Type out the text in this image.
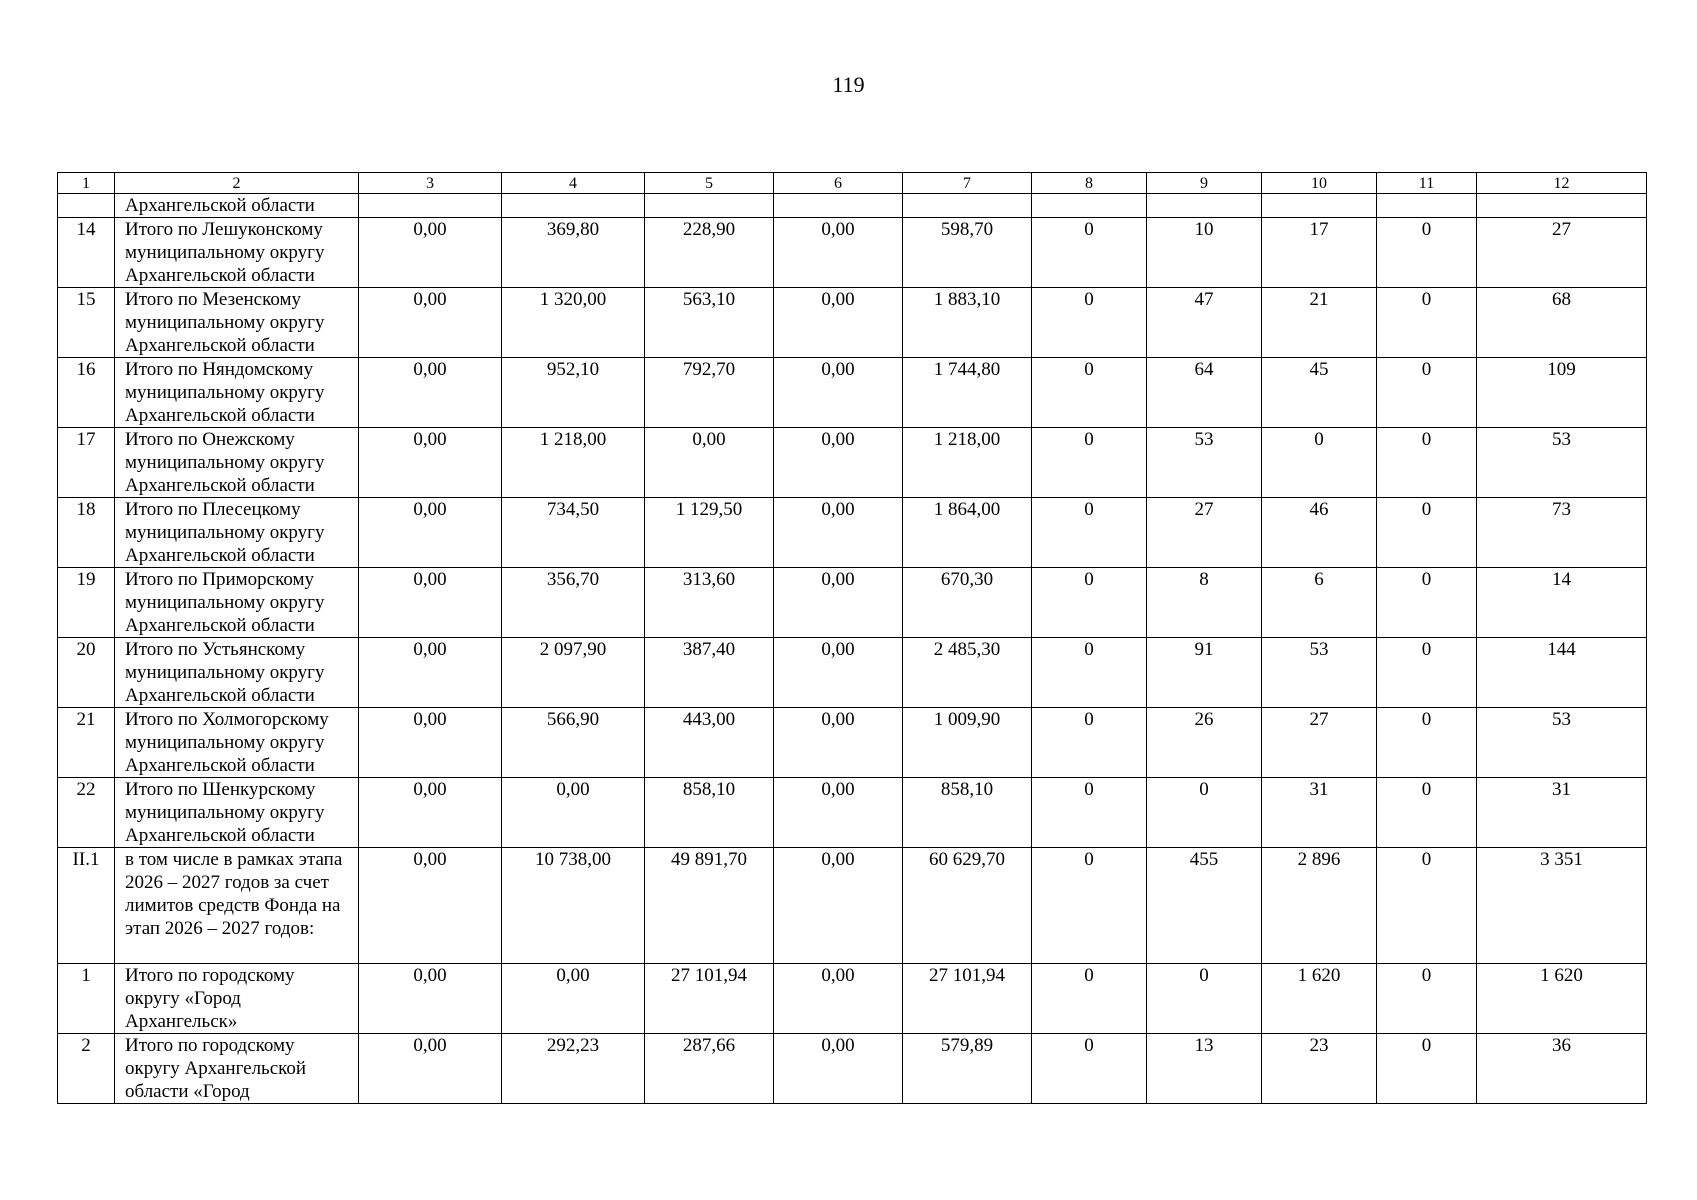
119
1	2	3	4	5	6	7	8	9	10	11	12
	Архангельской области										
14	Итого по Лешуконскому муниципальному округу Архангельской области	0,00	369,80	228,90	0,00	598,70	0	10	17	0	27
15	Итого по Мезенскому муниципальному округу Архангельской области	0,00	1 320,00	563,10	0,00	1 883,10	0	47	21	0	68
16	Итого по Няндомскому муниципальному округу Архангельской области	0,00	952,10	792,70	0,00	1 744,80	0	64	45	0	109
17	Итого по Онежскому муниципальному округу Архангельской области	0,00	1 218,00	0,00	0,00	1 218,00	0	53	0	0	53
18	Итого по Плесецкому муниципальному округу Архангельской области	0,00	734,50	1 129,50	0,00	1 864,00	0	27	46	0	73
19	Итого по Приморскому муниципальному округу Архангельской области	0,00	356,70	313,60	0,00	670,30	0	8	6	0	14
20	Итого по Устьянскому муниципальному округу Архангельской области	0,00	2 097,90	387,40	0,00	2 485,30	0	91	53	0	144
21	Итого по Холмогорскому муниципальному округу Архангельской области	0,00	566,90	443,00	0,00	1 009,90	0	26	27	0	53
22	Итого по Шенкурскому муниципальному округу Архангельской области	0,00	0,00	858,10	0,00	858,10	0	0	31	0	31
II.1	в том числе в рамках этапа 2026 – 2027 годов за счет лимитов средств Фонда на этап 2026 – 2027 годов:	0,00	10 738,00	49 891,70	0,00	60 629,70	0	455	2 896	0	3 351
1	Итого по городскому округу «Город Архангельск»	0,00	0,00	27 101,94	0,00	27 101,94	0	0	1 620	0	1 620
2	Итого по городскому округу Архангельской области «Город	0,00	292,23	287,66	0,00	579,89	0	13	23	0	36
